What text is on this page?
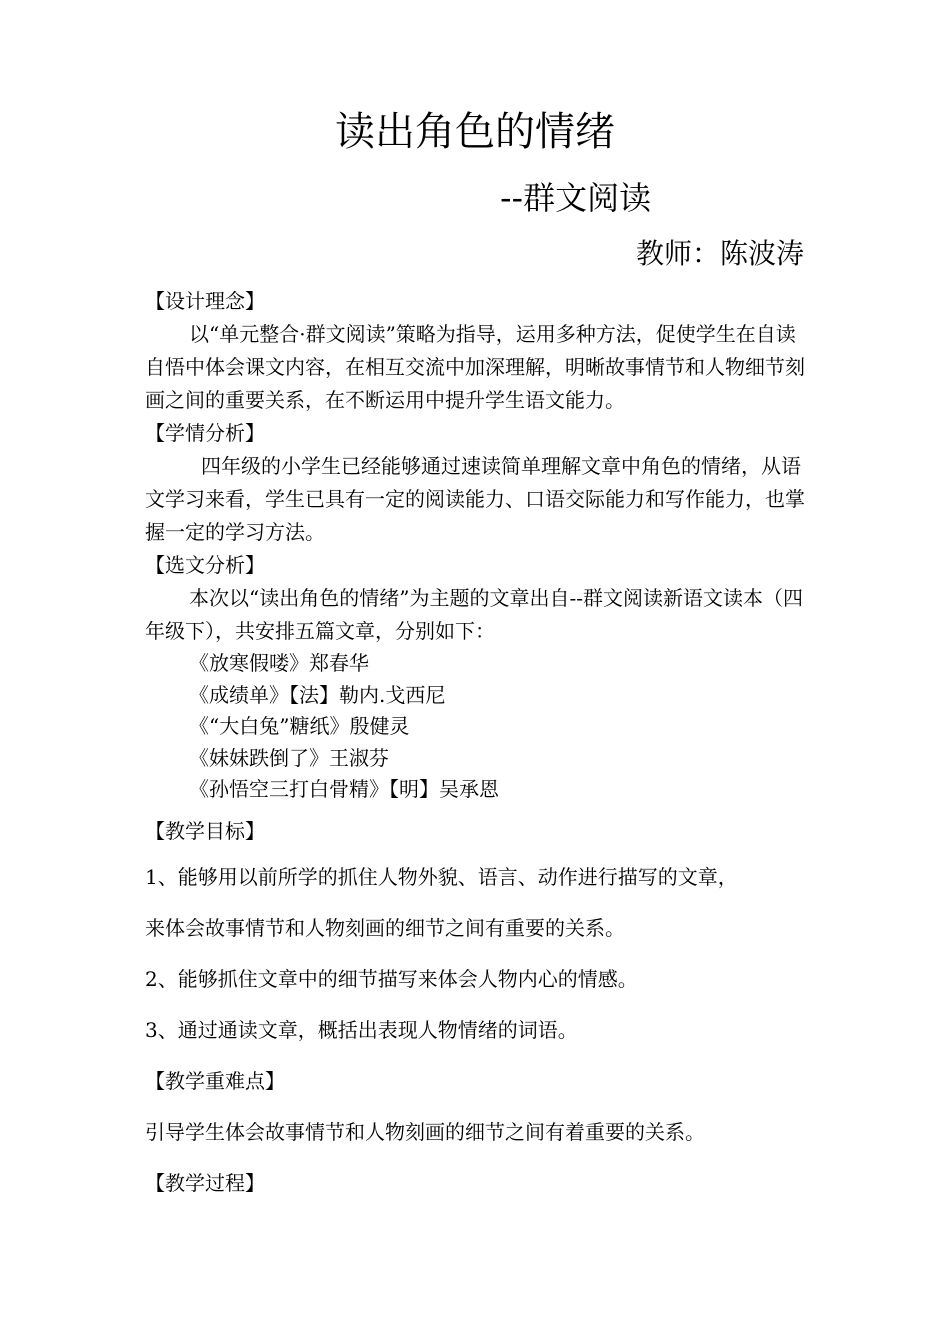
读出角色的情绪
--群文阅读
教师：陈波涛
【设计理念】

以“单元整合·群文阅读”策略为指导，运用多种方法，促使学生在自读自悟中体会课文内容，在相互交流中加深理解，明晰故事情节和人物细节刻画之间的重要关系，在不断运用中提升学生语文能力。

【学情分析】

四年级的小学生已经能够通过速读简单理解文章中角色的情绪，从语文学习来看，学生已具有一定的阅读能力、口语交际能力和写作能力，也掌握一定的学习方法。

【选文分析】

本次以“读出角色的情绪”为主题的文章出自--群文阅读新语文读本（四年级下），共安排五篇文章，分别如下：

《放寒假喽》郑春华
《成绩单》【法】勒内.戈西尼
《“大白兔”糖纸》殷健灵
《妹妹跌倒了》王淑芬
《孙悟空三打白骨精》【明】吴承恩
【教学目标】
1、能够用以前所学的抓住人物外貌、语言、动作进行描写的文章，
来体会故事情节和人物刻画的细节之间有重要的关系。
2、能够抓住文章中的细节描写来体会人物内心的情感。
3、通过通读文章，概括出表现人物情绪的词语。
【教学重难点】
引导学生体会故事情节和人物刻画的细节之间有着重要的关系。
【教学过程】
